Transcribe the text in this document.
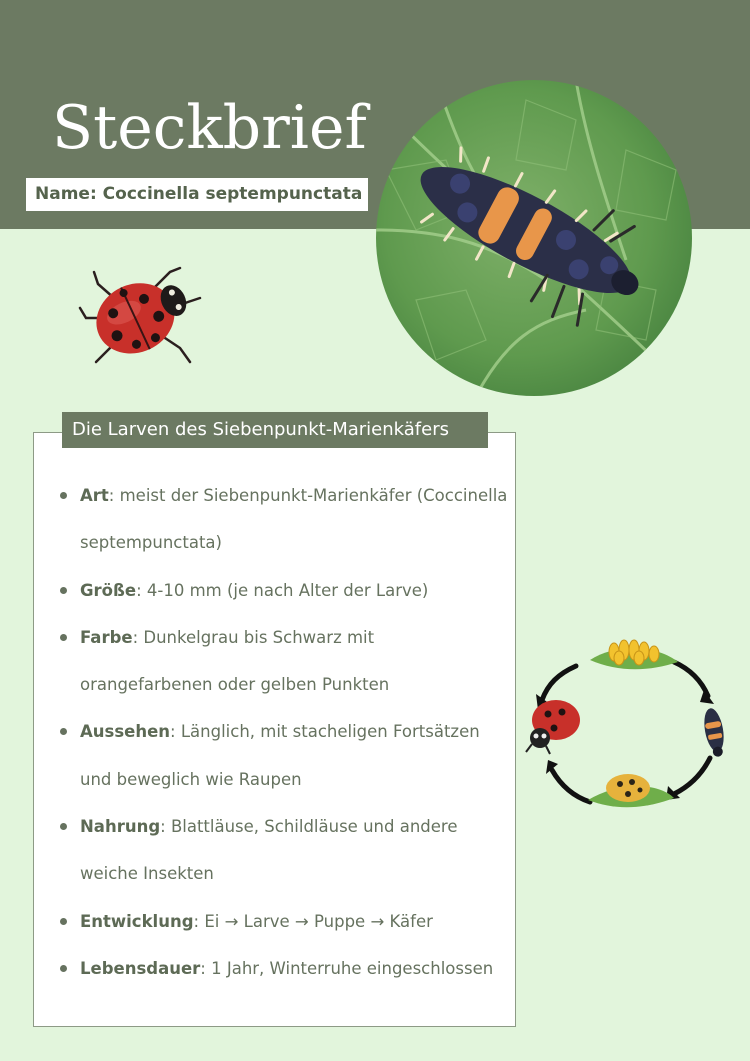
Steckbrief
Name: Coccinella septempunctata
Die Larven des Siebenpunkt-Marienkäfers
Art: meist der Siebenpunkt-Marienkäfer (Coccinella septempunctata)
Größe: 4-10 mm (je nach Alter der Larve)
Farbe: Dunkelgrau bis Schwarz mit orangefarbenen oder gelben Punkten
Aussehen: Länglich, mit stacheligen Fortsätzen und beweglich wie Raupen
Nahrung: Blattläuse, Schildläuse und andere weiche Insekten
Entwicklung: Ei → Larve → Puppe → Käfer
Lebensdauer: 1 Jahr, Winterruhe eingeschlossen
